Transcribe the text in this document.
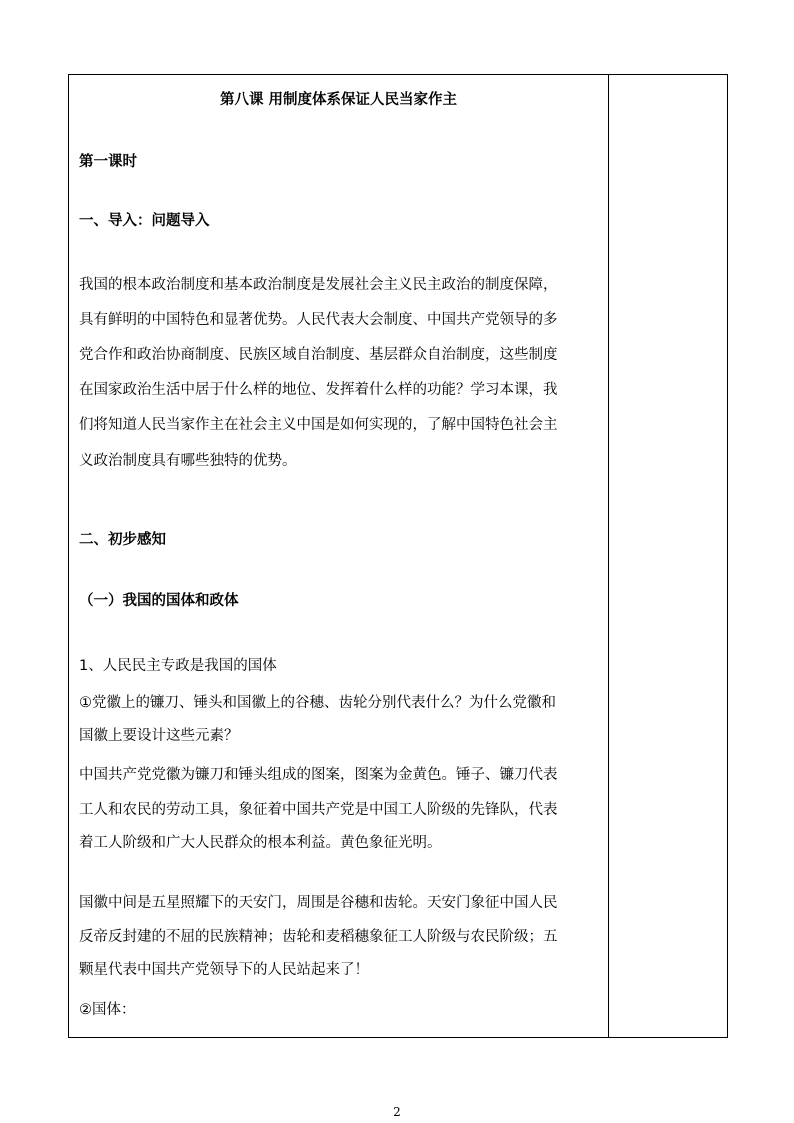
第八课 用制度体系保证人民当家作主
第一课时
一、导入：问题导入
我国的根本政治制度和基本政治制度是发展社会主义民主政治的制度保障，
具有鲜明的中国特色和显著优势。人民代表大会制度、中国共产党领导的多
党合作和政治协商制度、民族区域自治制度、基层群众自治制度，这些制度
在国家政治生活中居于什么样的地位、发挥着什么样的功能？学习本课，我
们将知道人民当家作主在社会主义中国是如何实现的，了解中国特色社会主
义政治制度具有哪些独特的优势。
二、初步感知
（一）我国的国体和政体
1、人民民主专政是我国的国体
①党徽上的镰刀、锤头和国徽上的谷穗、齿轮分别代表什么？为什么党徽和
国徽上要设计这些元素？
中国共产党党徽为镰刀和锤头组成的图案，图案为金黄色。锤子、镰刀代表
工人和农民的劳动工具，象征着中国共产党是中国工人阶级的先锋队，代表
着工人阶级和广大人民群众的根本利益。黄色象征光明。
国徽中间是五星照耀下的天安门，周围是谷穗和齿轮。天安门象征中国人民
反帝反封建的不屈的民族精神；齿轮和麦稻穗象征工人阶级与农民阶级；五
颗星代表中国共产党领导下的人民站起来了！
②国体：
2
